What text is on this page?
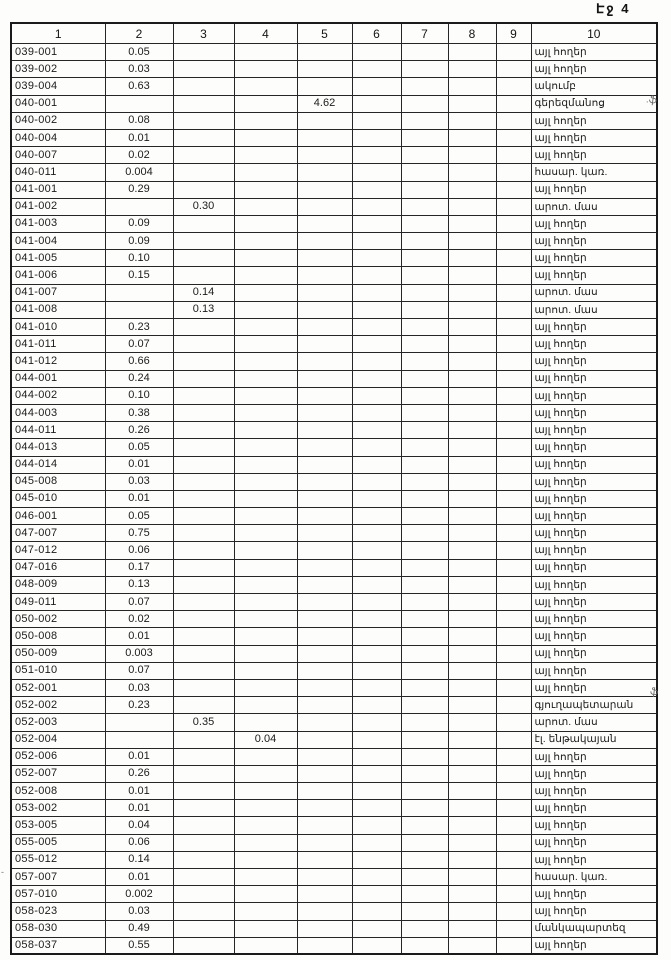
Էջ 4
1	2	3	4	5	6	7	8	9	10
039-001	0.05								այլ հողեր
039-002	0.03								այլ հողեր
039-004	0.63								ակումբ
040-001				4.62					գերեզմանոց
040-002	0.08								այլ հողեր
040-004	0.01								այլ հողեր
040-007	0.02								այլ հողեր
040-011	0.004								հասար. կառ.
041-001	0.29								այլ հողեր
041-002		0.30							արոտ. մաս
041-003	0.09								այլ հողեր
041-004	0.09								այլ հողեր
041-005	0.10								այլ հողեր
041-006	0.15								այլ հողեր
041-007		0.14							արոտ. մաս
041-008		0.13							արոտ. մաս
041-010	0.23								այլ հողեր
041-011	0.07								այլ հողեր
041-012	0.66								այլ հողեր
044-001	0.24								այլ հողեր
044-002	0.10								այլ հողեր
044-003	0.38								այլ հողեր
044-011	0.26								այլ հողեր
044-013	0.05								այլ հողեր
044-014	0.01								այլ հողեր
045-008	0.03								այլ հողեր
045-010	0.01								այլ հողեր
046-001	0.05								այլ հողեր
047-007	0.75								այլ հողեր
047-012	0.06								այլ հողեր
047-016	0.17								այլ հողեր
048-009	0.13								այլ հողեր
049-011	0.07								այլ հողեր
050-002	0.02								այլ հողեր
050-008	0.01								այլ հողեր
050-009	0.003								այլ հողեր
051-010	0.07								այլ հողեր
052-001	0.03								այլ հողեր
052-002	0.23								գյուղապետարան
052-003		0.35							արոտ. մաս
052-004			0.04						էլ. ենթակայան
052-006	0.01								այլ հողեր
052-007	0.26								այլ հողեր
052-008	0.01								այլ հողեր
053-002	0.01								այլ հողեր
053-005	0.04								այլ հողեր
055-005	0.06								այլ հողեր
055-012	0.14								այլ հողեր
057-007	0.01								հասար. կառ.
057-010	0.002								այլ հողեր
058-023	0.03								այլ հողեր
058-030	0.49								մանկապարտեզ
058-037	0.55								այլ հողեր
.ֆ
ֆ
-
